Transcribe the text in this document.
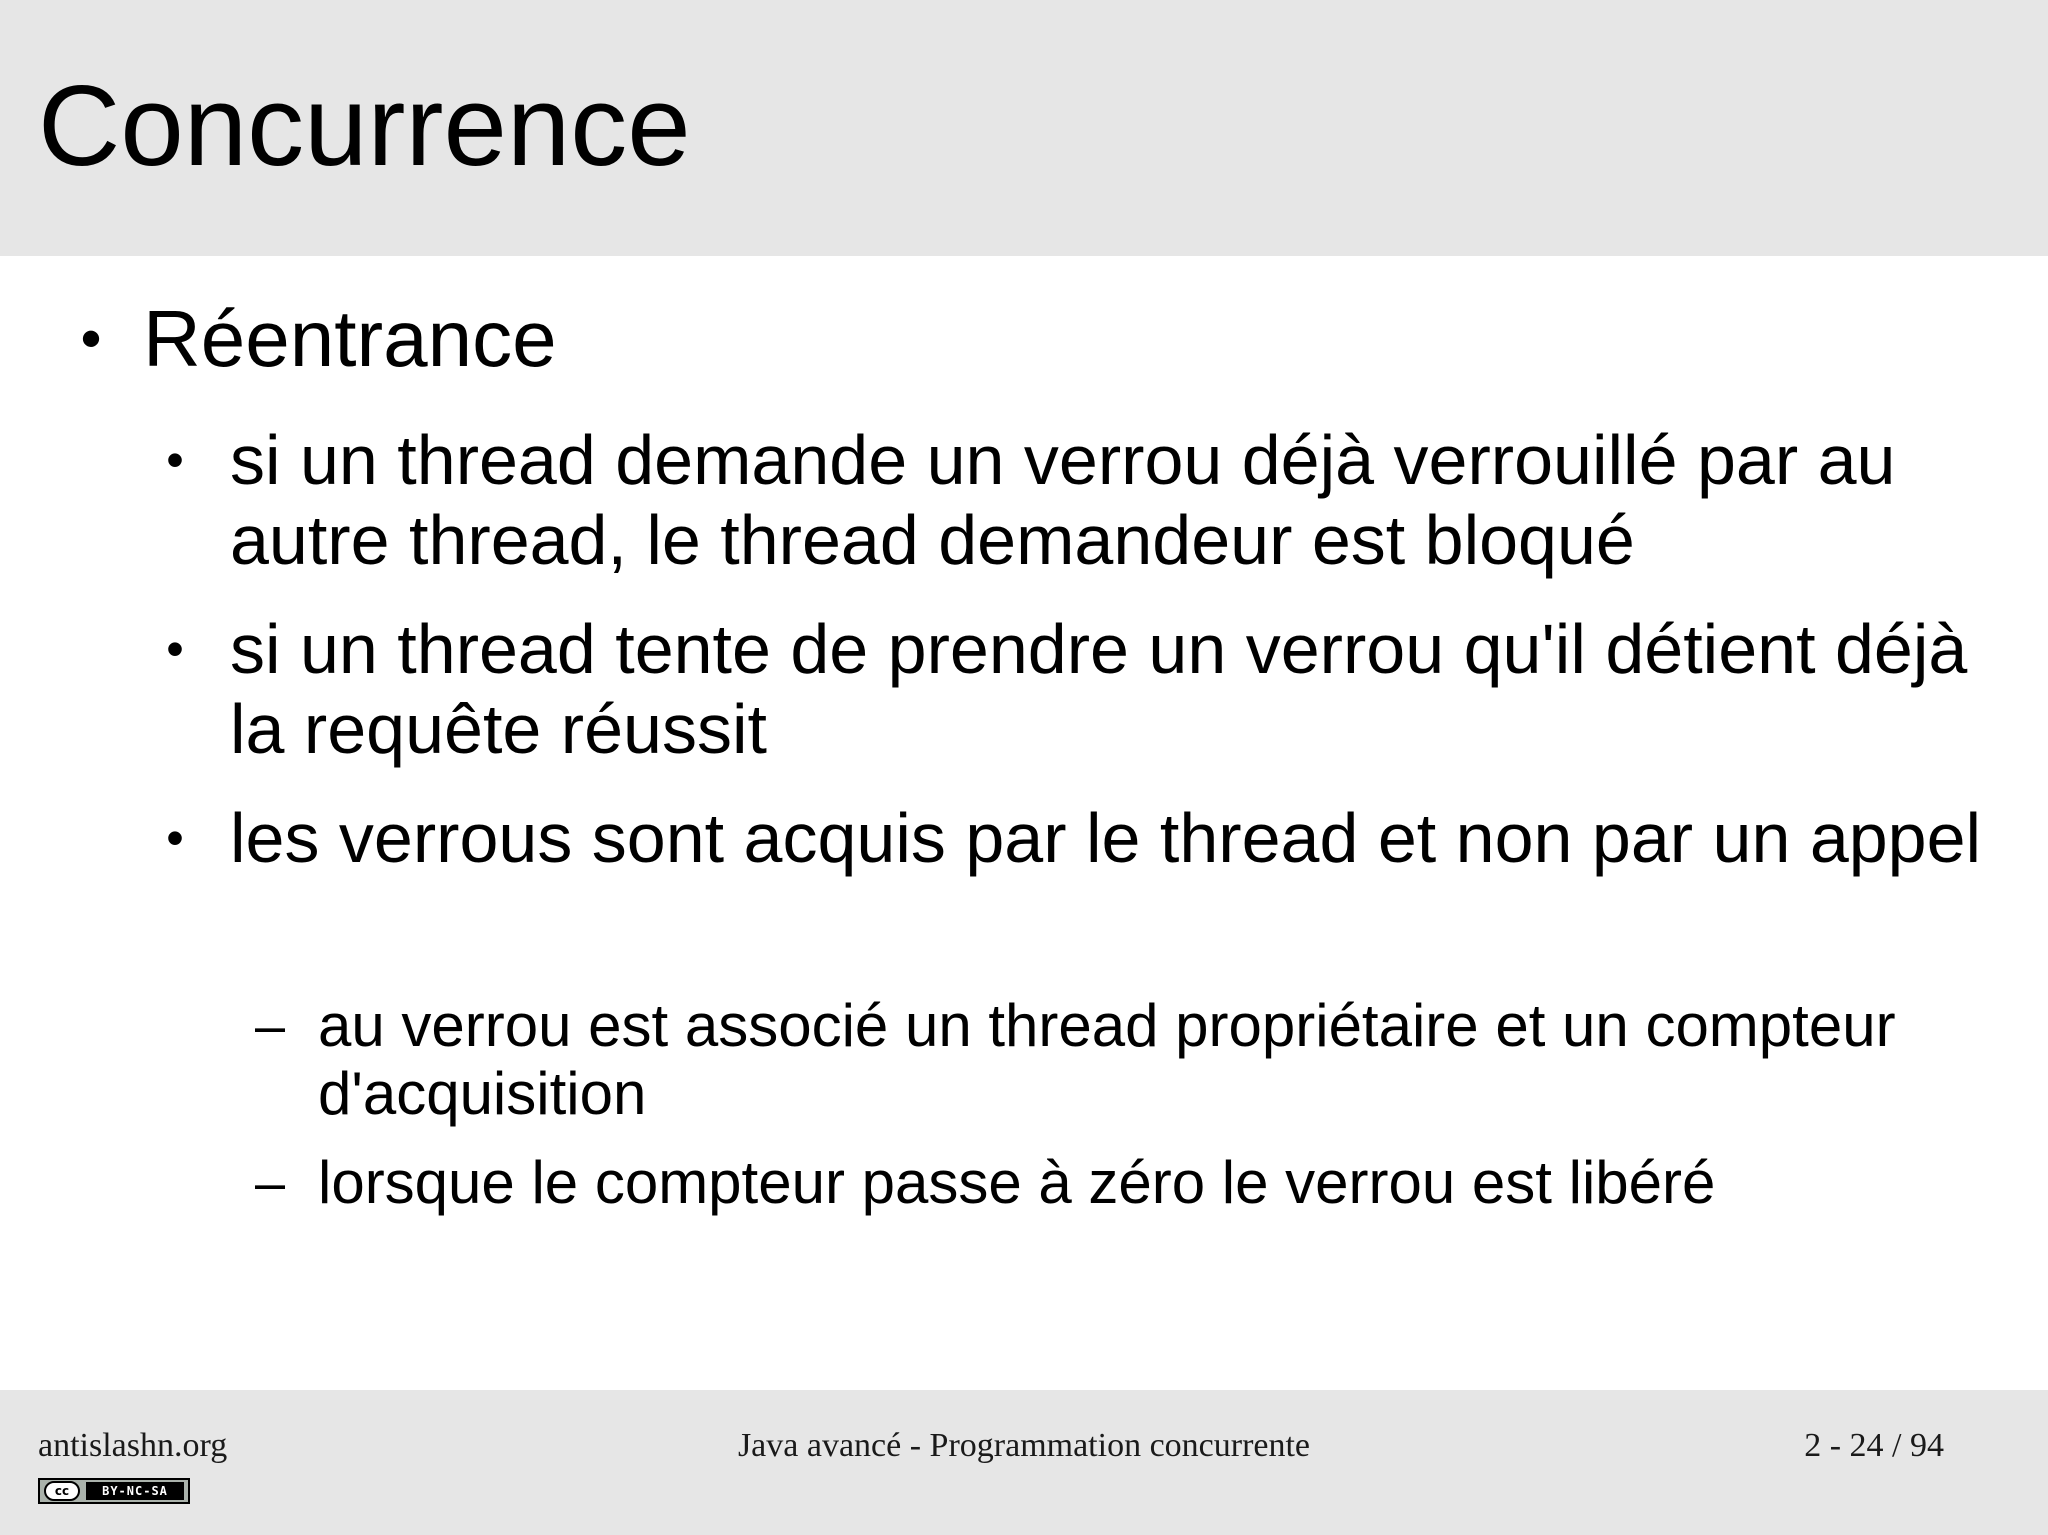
Concurrence
• Réentrance
• si un thread demande un verrou déjà verrouillé par au autre thread, le thread demandeur est bloqué
• si un thread tente de prendre un verrou qu'il détient déjà la requête réussit
• les verrous sont acquis par le thread et non par un appel
– au verrou est associé un thread propriétaire et un compteur d'acquisition
– lorsque le compteur passe à zéro le verrou est libéré
antislashn.org	Java avancé - Programmation concurrente	2 - 24 / 94
cc	BY-NC-SA
